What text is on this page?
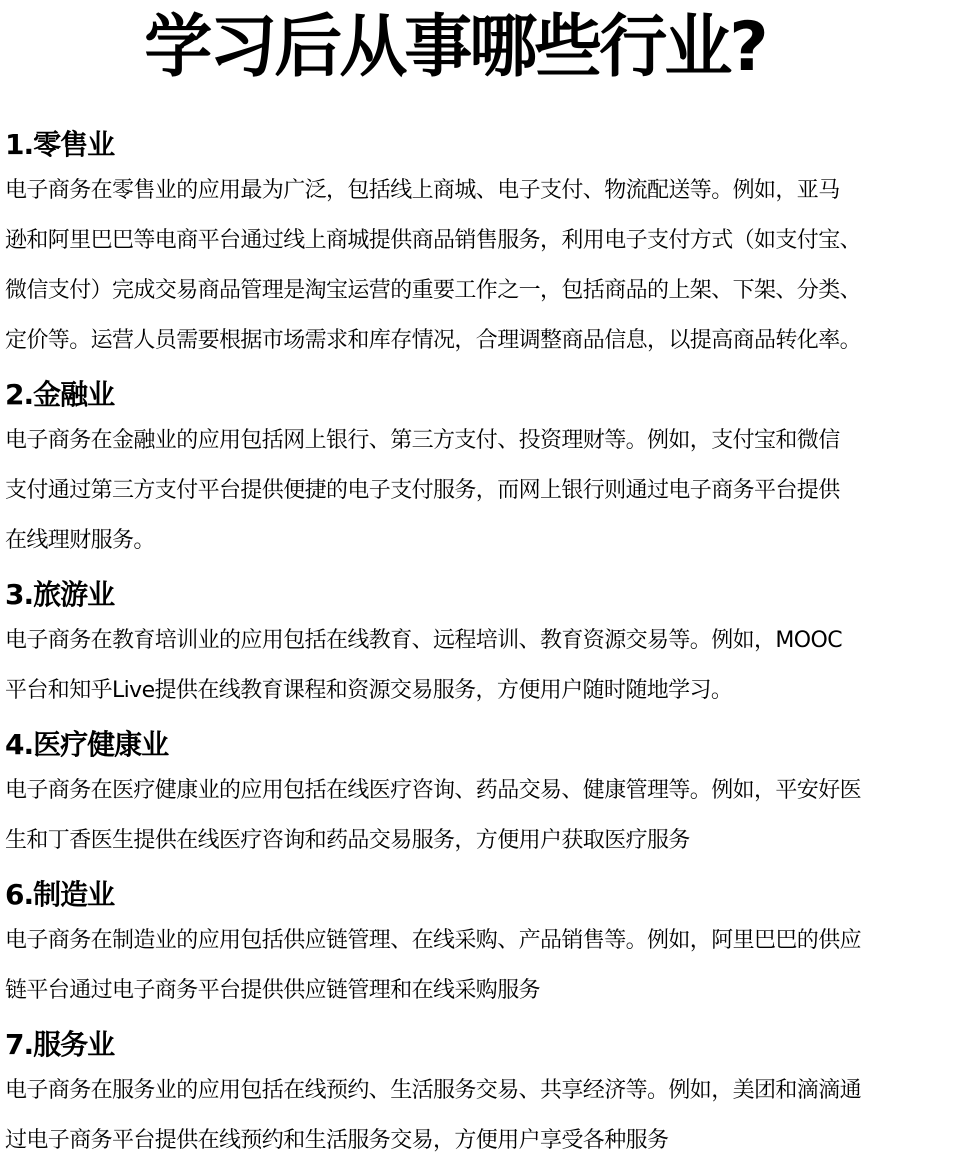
学习后从事哪些行业?
1.零售业
电子商务在零售业的应用最为广泛，包括线上商城、电子支付、物流配送等。例如，亚马
逊和阿里巴巴等电商平台通过线上商城提供商品销售服务，利用电子支付方式（如支付宝、
微信支付）完成交易商品管理是淘宝运营的重要工作之一，包括商品的上架、下架、分类、
定价等。运营人员需要根据市场需求和库存情况，合理调整商品信息，以提高商品转化率。
2.金融业
电子商务在金融业的应用包括网上银行、第三方支付、投资理财等。例如，支付宝和微信
支付通过第三方支付平台提供便捷的电子支付服务，而网上银行则通过电子商务平台提供
在线理财服务。
3.旅游业
电子商务在教育培训业的应用包括在线教育、远程培训、教育资源交易等。例如，MOOC
平台和知乎Live提供在线教育课程和资源交易服务，方便用户随时随地学习。
4.医疗健康业
电子商务在医疗健康业的应用包括在线医疗咨询、药品交易、健康管理等。例如，平安好医
生和丁香医生提供在线医疗咨询和药品交易服务，方便用户获取医疗服务
6.制造业
电子商务在制造业的应用包括供应链管理、在线采购、产品销售等。例如，阿里巴巴的供应
链平台通过电子商务平台提供供应链管理和在线采购服务
7.服务业
电子商务在服务业的应用包括在线预约、生活服务交易、共享经济等。例如，美团和滴滴通
过电子商务平台提供在线预约和生活服务交易，方便用户享受各种服务
